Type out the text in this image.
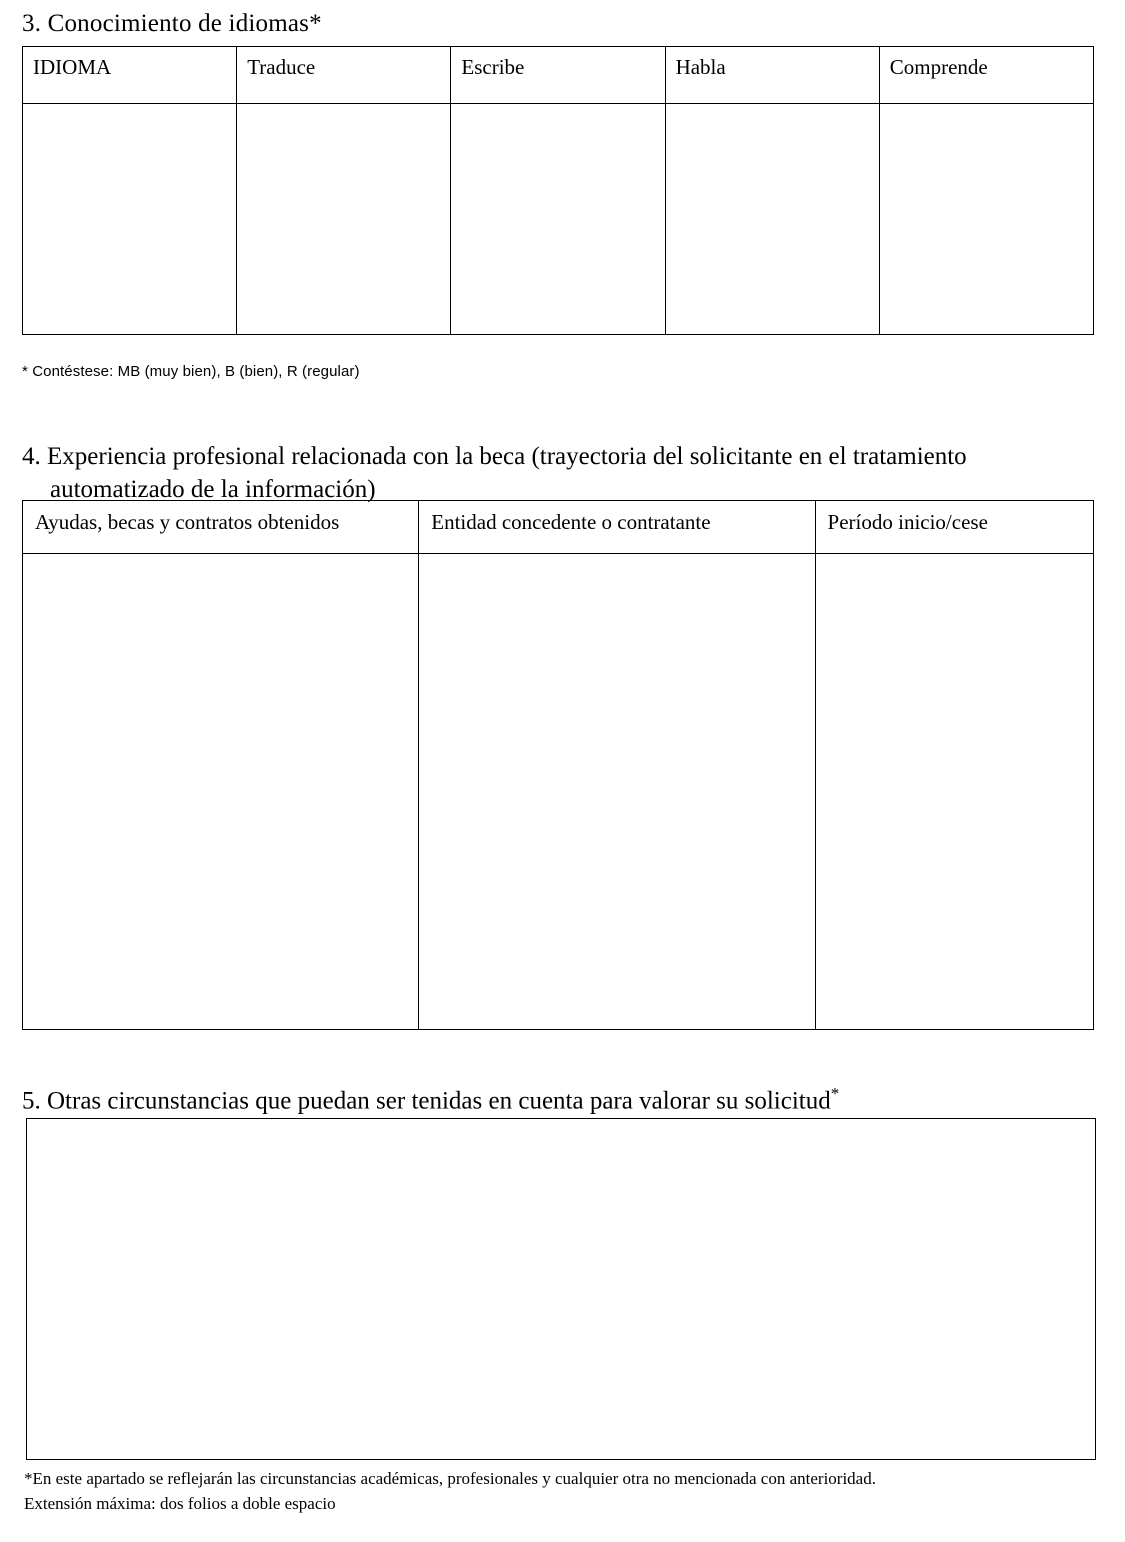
3. Conocimiento de idiomas*
IDIOMA	Traduce	Escribe	Habla	Comprende

* Contéstese: MB (muy bien), B (bien), R (regular)
4. Experiencia profesional relacionada con la beca (trayectoria del solicitante en el tratamiento
automatizado de la información)
Ayudas, becas y contratos obtenidos	Entidad concedente o contratante	Período inicio/cese

5. Otras circunstancias que puedan ser tenidas en cuenta para valorar su solicitud*
*En este apartado se reflejarán las circunstancias académicas, profesionales y cualquier otra no mencionada con anterioridad.
Extensión máxima: dos folios a doble espacio
